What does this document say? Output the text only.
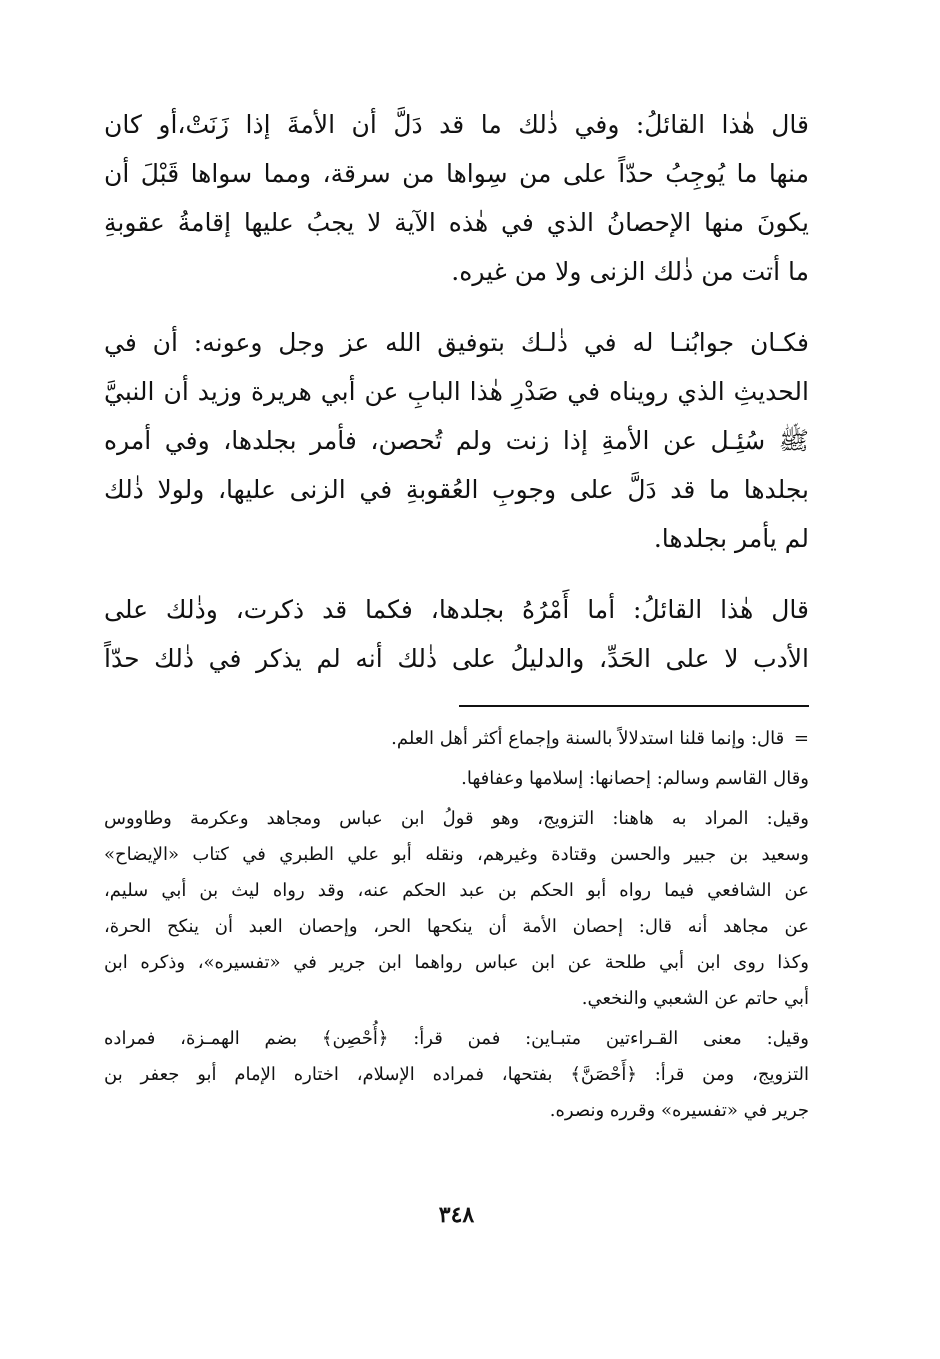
قال هٰذا القائلُ: وفي ذٰلك ما قد دَلَّ أن الأمةَ إذا زَنَتْ،أو كان
منها ما يُوجِبُ حدّاً على من سِواها من سرقة، ومما سواها قَبْلَ أن
يكونَ منها الإحصانُ الذي في هٰذه الآية لا يجبُ عليها إقامةُ عقوبةِ
ما أتت من ذٰلك الزنى ولا من غيره.
فكـان جوابُنـا له في ذٰلـك بتوفيق الله عز وجل وعونه: أن في
الحديثِ الذي رويناه في صَدْرِ هٰذا البابِ عن أبي هريرة وزيد أن النبيَّ
ﷺ سُئِـل عن الأمةِ إذا زنت ولم تُحصن، فأمر بجلدها، وفي أمره
بجلدها ما قد دَلَّ على وجوبِ العُقوبةِ في الزنى عليها، ولولا ذٰلك
لم يأمر بجلدها.
قال هٰذا القائلُ: أما أَمْرُهُ بجلدها، فكما قد ذكرت، وذٰلك على
الأدب لا على الحَدِّ، والدليلُ على ذٰلك أنه لم يذكر في ذٰلك حدّاً
= قال: وإنما قلنا استدلالاً بالسنة وإجماع أكثر أهل العلم.
وقال القاسم وسالم: إحصانها: إسلامها وعفافها.
وقيل: المراد به هاهنا: التزويج، وهو قولُ ابن عباس ومجاهد وعكرمة وطاووس
وسعيد بن جبير والحسن وقتادة وغيرهم، ونقله أبو علي الطبري في كتاب «الإيضاح»
عن الشافعي فيما رواه أبو الحكم بن عبد الحكم عنه، وقد رواه ليث بن أبي سليم،
عن مجاهد أنه قال: إحصان الأمة أن ينكحها الحر، وإحصان العبد أن ينكح الحرة،
وكذا روى ابن أبي طلحة عن ابن عباس رواهما ابن جرير في «تفسيره»، وذكره ابن
أبي حاتم عن الشعبي والنخعي.
وقيل: معنى القـراءتين متبـاين: فمن قرأ: ﴿أُحْصِن﴾ بضم الهمـزة، فمراده
التزويج، ومن قرأ: ﴿أَحْصَنَّ﴾ بفتحها، فمراده الإسلام، اختاره الإمام أبو جعفر بن
جرير في «تفسيره» وقرره ونصره.
٣٤٨
